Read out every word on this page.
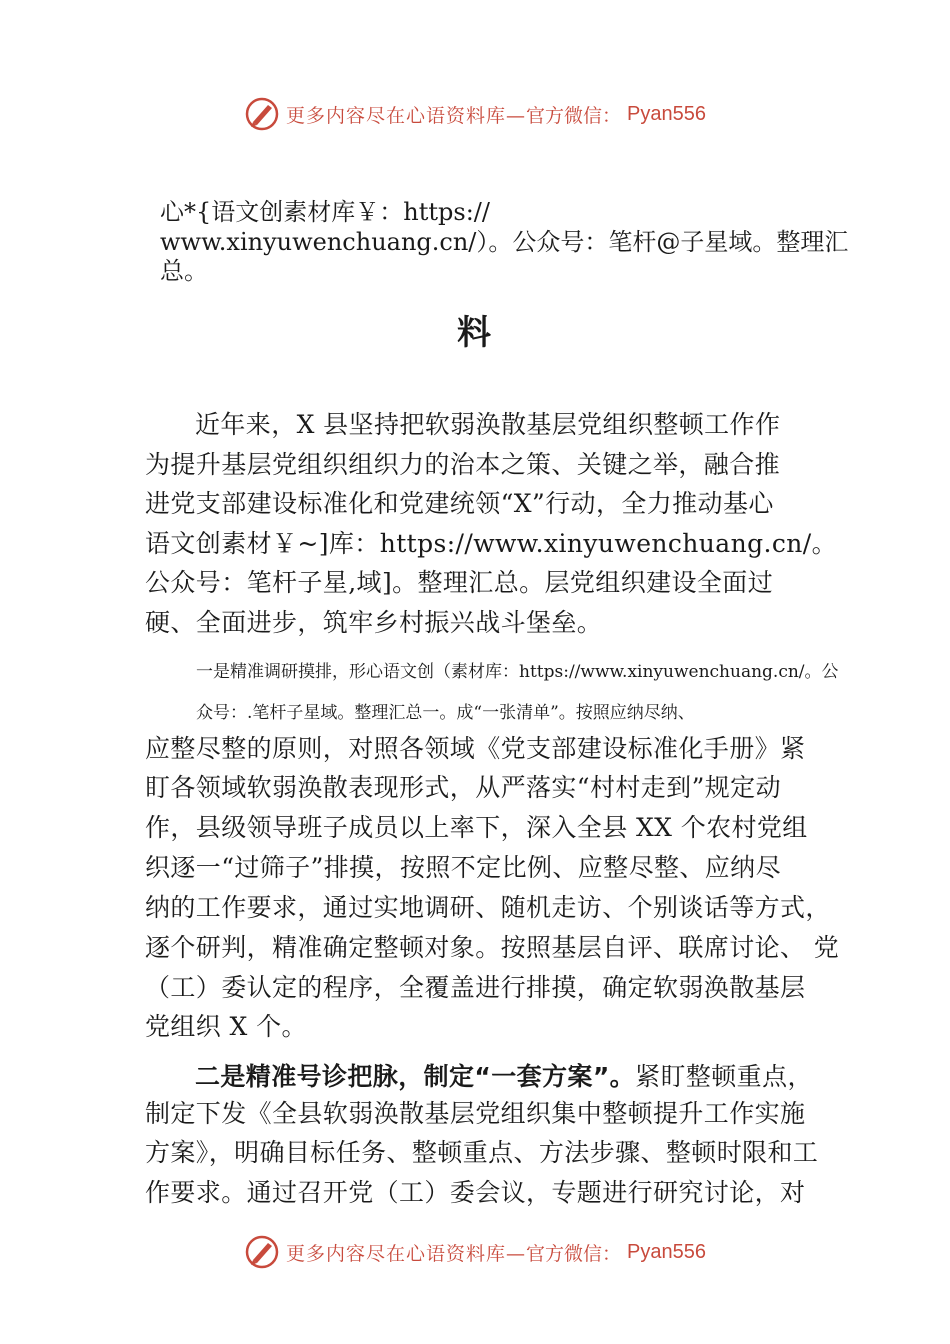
更多内容尽在心语资料库— 官方微信： Pyan556
心*{语文创素材库￥：https://
www.xinyuwenchuang.cn/）。公众号：笔杆@子星域。整理汇
总。
料
近年来，X 县坚持把软弱涣散基层党组织整顿工作作
为提升基层党组织组织力的治本之策、关键之举，融合推
进党支部建设标准化和党建统领“X”行动，全力推动基心
语文创素材￥~]库：https://www.xinyuwenchuang.cn/。
公众号：笔杆子星,域]。整理汇总。层党组织建设全面过
硬、全面进步，筑牢乡村振兴战斗堡垒。
一是精准调研摸排，形心语文创（素材库：https://www.xinyuwenchuang.cn/。公
众号：.笔杆子星域。整理汇总一。成“一张清单”。按照应纳尽纳、
应整尽整的原则，对照各领域《党支部建设标准化手册》紧
盯各领域软弱涣散表现形式，从严落实“村村走到”规定动
作，县级领导班子成员以上率下，深入全县 XX 个农村党组
织逐一“过筛子”排摸，按照不定比例、应整尽整、应纳尽
纳的工作要求，通过实地调研、随机走访、个别谈话等方式，
逐个研判，精准确定整顿对象。按照基层自评、联席讨论、 党
（工）委认定的程序，全覆盖进行排摸，确定软弱涣散基层
党组织 X 个。
二是精准号诊把脉，制定“一套方案”。紧盯整顿重点，
制定下发《全县软弱涣散基层党组织集中整顿提升工作实施
方案》，明确目标任务、整顿重点、方法步骤、整顿时限和工
作要求。通过召开党（工）委会议，专题进行研究讨论，对
更多内容尽在心语资料库— 官方微信： Pyan556
